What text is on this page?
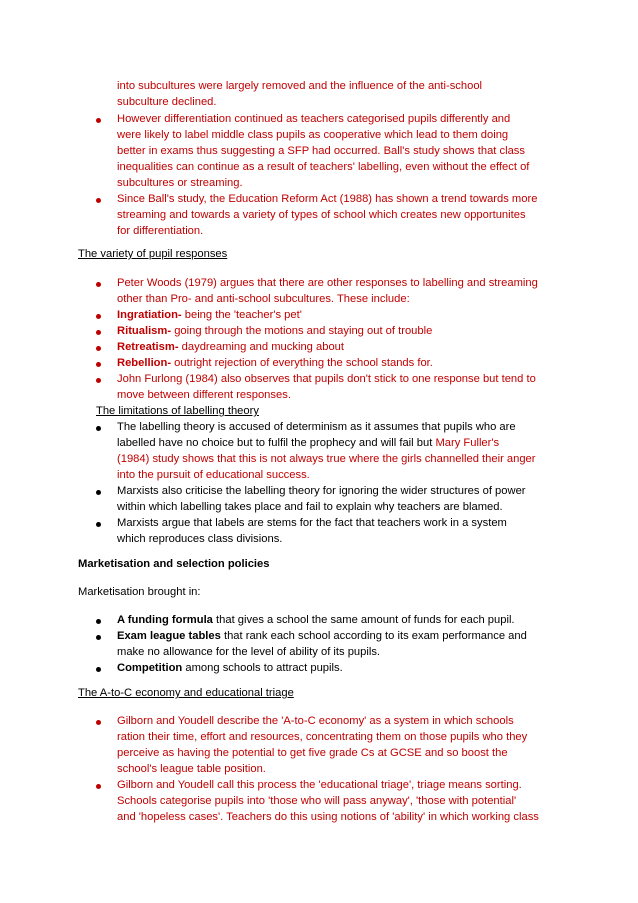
into subcultures were largely removed and the influence of the anti-school
subculture declined.
However differentiation continued as teachers categorised pupils differently and
were likely to label middle class pupils as cooperative which lead to them doing
better in exams thus suggesting a SFP had occurred. Ball's study shows that class
inequalities can continue as a result of teachers' labelling, even without the effect of
subcultures or streaming.
Since Ball's study, the Education Reform Act (1988) has shown a trend towards more
streaming and towards a variety of types of school which creates new opportunites
for differentiation.
The variety of pupil responses
Peter Woods (1979) argues that there are other responses to labelling and streaming
other than Pro- and anti-school subcultures. These include:
Ingratiation- being the 'teacher's pet'
Ritualism- going through the motions and staying out of trouble
Retreatism- daydreaming and mucking about
Rebellion- outright rejection of everything the school stands for.
John Furlong (1984) also observes that pupils don't stick to one response but tend to
move between different responses.
The limitations of labelling theory
The labelling theory is accused of determinism as it assumes that pupils who are
labelled have no choice but to fulfil the prophecy and will fail but Mary Fuller's
(1984) study shows that this is not always true where the girls channelled their anger
into the pursuit of educational success.
Marxists also criticise the labelling theory for ignoring the wider structures of power
within which labelling takes place and fail to explain why teachers are blamed.
Marxists argue that labels are stems for the fact that teachers work in a system
which reproduces class divisions.
Marketisation and selection policies
Marketisation brought in:
A funding formula that gives a school the same amount of funds for each pupil.
Exam league tables that rank each school according to its exam performance and
make no allowance for the level of ability of its pupils.
Competition among schools to attract pupils.
The A-to-C economy and educational triage
Gilborn and Youdell describe the 'A-to-C economy' as a system in which schools
ration their time, effort and resources, concentrating them on those pupils who they
perceive as having the potential to get five grade Cs at GCSE and so boost the
school's league table position.
Gilborn and Youdell call this process the 'educational triage', triage means sorting.
Schools categorise pupils into 'those who will pass anyway', 'those with potential'
and 'hopeless cases'. Teachers do this using notions of 'ability' in which working class
